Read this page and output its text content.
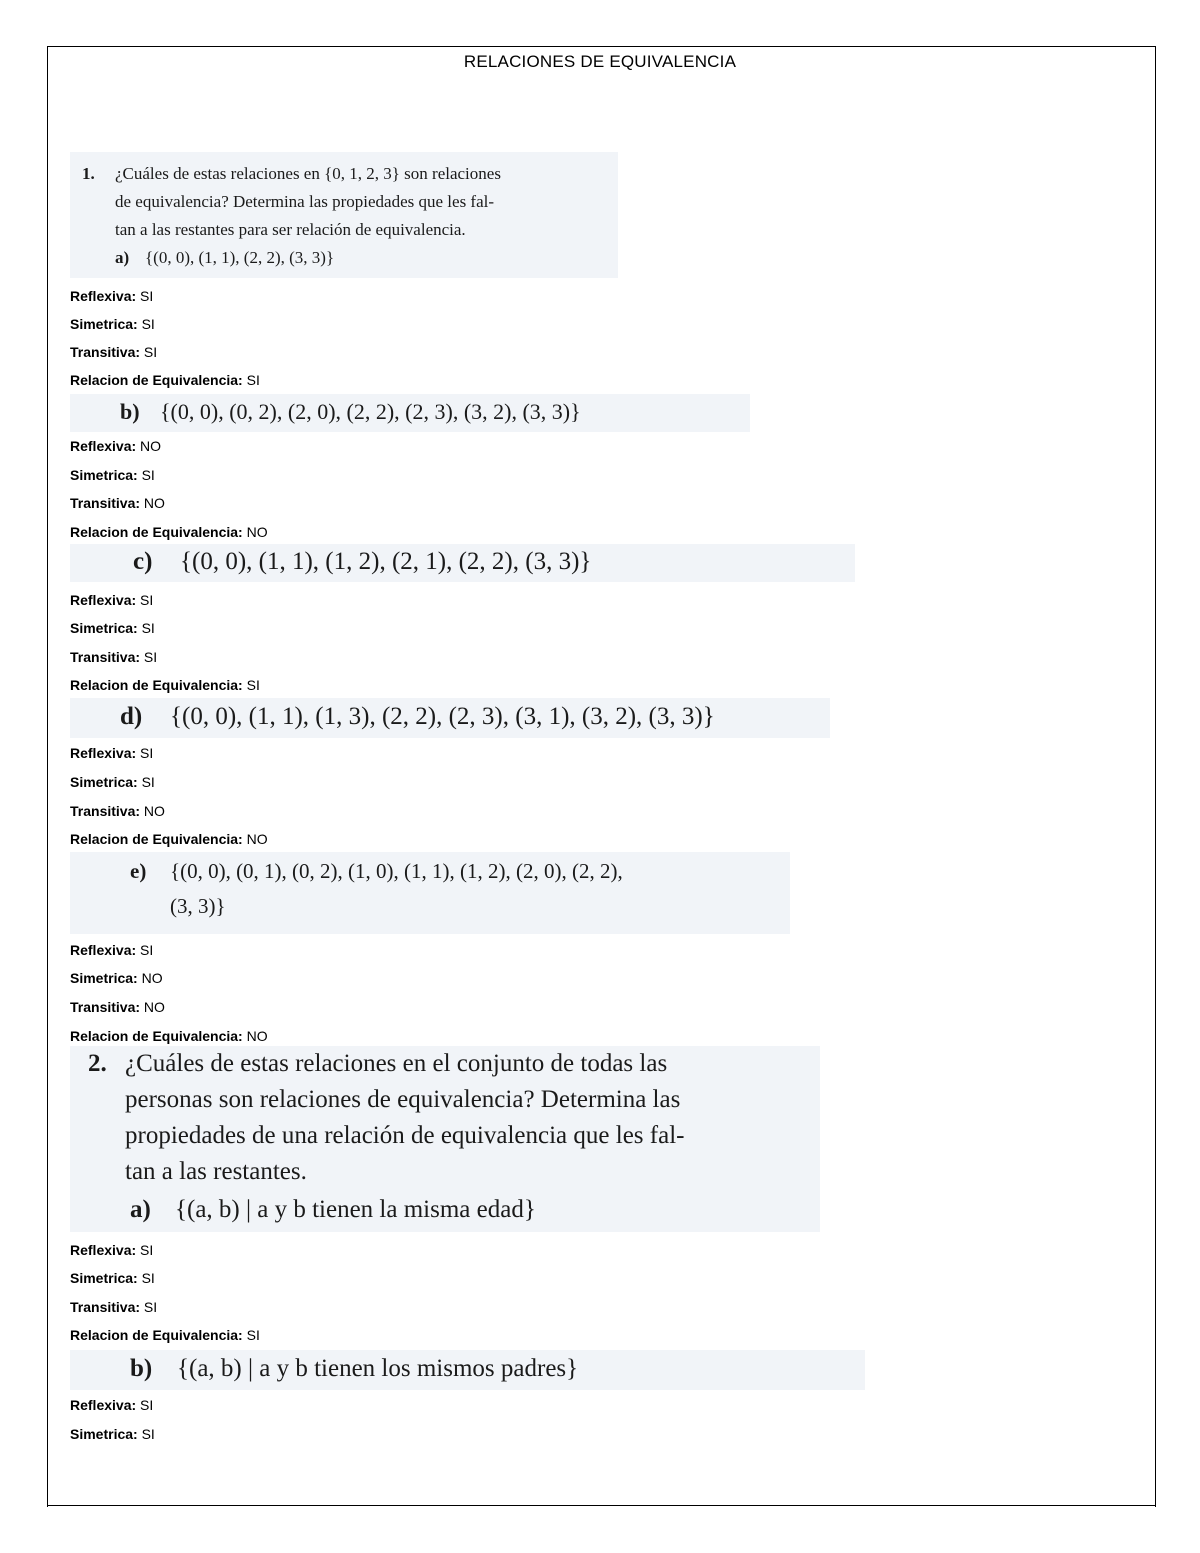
RELACIONES DE EQUIVALENCIA
1. ¿Cuáles de estas relaciones en {0, 1, 2, 3} son relaciones
de equivalencia? Determina las propiedades que les fal-
tan a las restantes para ser relación de equivalencia.
a) {(0, 0), (1, 1), (2, 2), (3, 3)}
Reflexiva: SI
Simetrica: SI
Transitiva: SI
Relacion de Equivalencia: SI
b) {(0, 0), (0, 2), (2, 0), (2, 2), (2, 3), (3, 2), (3, 3)}
Reflexiva: NO
Simetrica: SI
Transitiva: NO
Relacion de Equivalencia: NO
c) {(0, 0), (1, 1), (1, 2), (2, 1), (2, 2), (3, 3)}
Reflexiva: SI
Simetrica: SI
Transitiva: SI
Relacion de Equivalencia: SI
d) {(0, 0), (1, 1), (1, 3), (2, 2), (2, 3), (3, 1), (3, 2), (3, 3)}
Reflexiva: SI
Simetrica: SI
Transitiva: NO
Relacion de Equivalencia: NO
e) {(0, 0), (0, 1), (0, 2), (1, 0), (1, 1), (1, 2), (2, 0), (2, 2),
(3, 3)}
Reflexiva: SI
Simetrica: NO
Transitiva: NO
Relacion de Equivalencia: NO
2. ¿Cuáles de estas relaciones en el conjunto de todas las
personas son relaciones de equivalencia? Determina las
propiedades de una relación de equivalencia que les fal-
tan a las restantes.
a) {(a, b) | a y b tienen la misma edad}
Reflexiva: SI
Simetrica: SI
Transitiva: SI
Relacion de Equivalencia: SI
b) {(a, b) | a y b tienen los mismos padres}
Reflexiva: SI
Simetrica: SI
